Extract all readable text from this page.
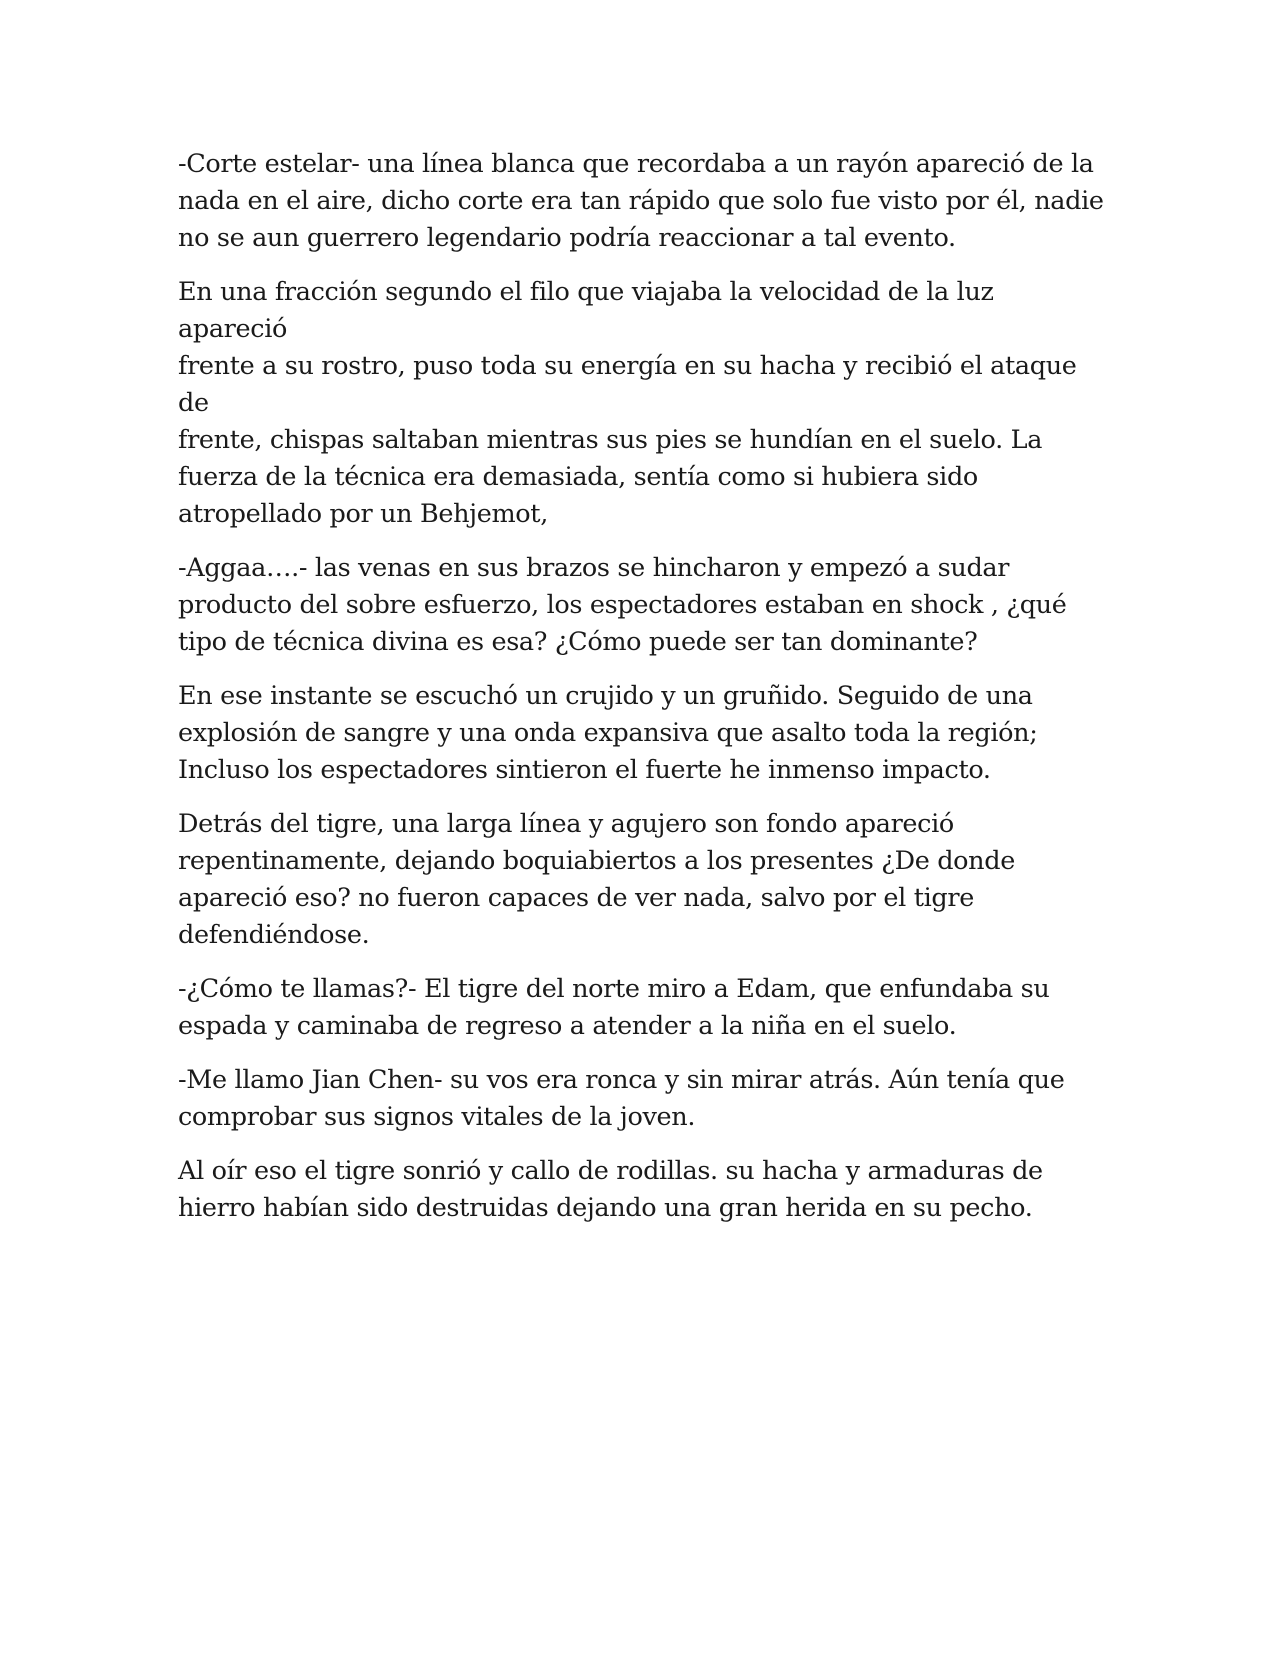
-Corte estelar- una línea blanca que recordaba a un rayón apareció de la
nada en el aire, dicho corte era tan rápido que solo fue visto por él, nadie
no se aun guerrero legendario podría reaccionar a tal evento.

En una fracción segundo el filo que viajaba la velocidad de la luz apareció
frente a su rostro, puso toda su energía en su hacha y recibió el ataque de
frente, chispas saltaban mientras sus pies se hundían en el suelo. La
fuerza de la técnica era demasiada, sentía como si hubiera sido
atropellado por un Behjemot,

-Aggaa….- las venas en sus brazos se hincharon y empezó a sudar
producto del sobre esfuerzo, los espectadores estaban en shock , ¿qué
tipo de técnica divina es esa? ¿Cómo puede ser tan dominante?

En ese instante se escuchó un crujido y un gruñido. Seguido de una
explosión de sangre y una onda expansiva que asalto toda la región;
Incluso los espectadores sintieron el fuerte he inmenso impacto.

Detrás del tigre, una larga línea y agujero son fondo apareció
repentinamente, dejando boquiabiertos a los presentes ¿De donde
apareció eso? no fueron capaces de ver nada, salvo por el tigre
defendiéndose.

-¿Cómo te llamas?- El tigre del norte miro a Edam, que enfundaba su
espada y caminaba de regreso a atender a la niña en el suelo.

-Me llamo Jian Chen- su vos era ronca y sin mirar atrás. Aún tenía que
comprobar sus signos vitales de la joven.

Al oír eso el tigre sonrió y callo de rodillas. su hacha y armaduras de
hierro habían sido destruidas dejando una gran herida en su pecho.
